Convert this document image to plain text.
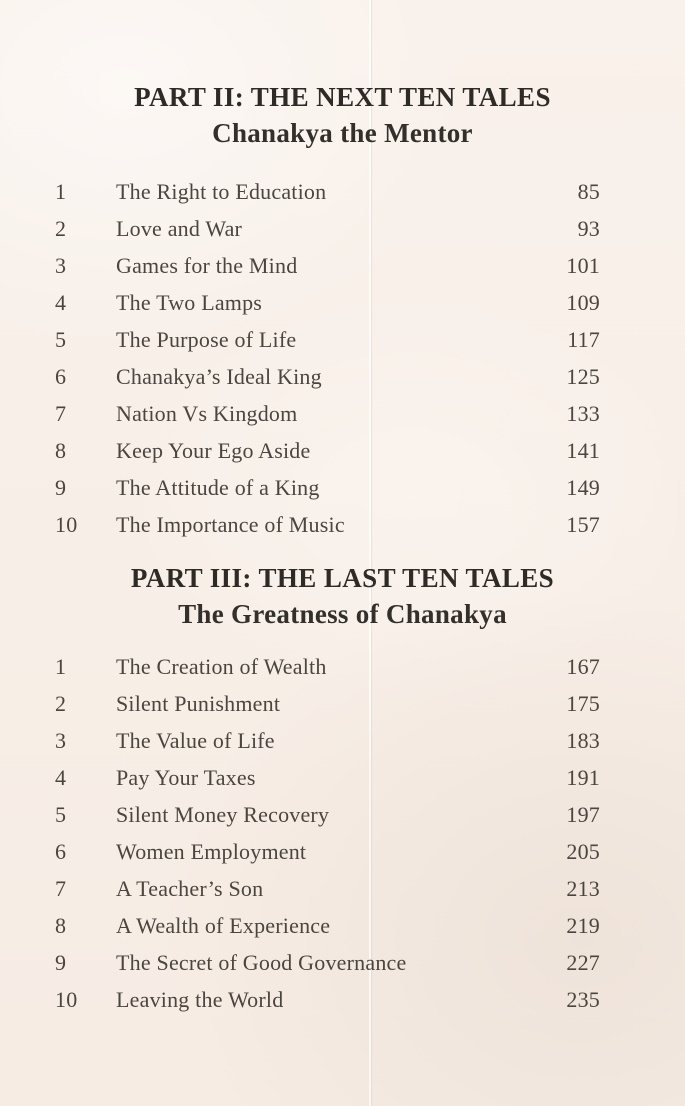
PART II: THE NEXT TEN TALES
Chanakya the Mentor
1	The Right to Education	85
2	Love and War	93
3	Games for the Mind	101
4	The Two Lamps	109
5	The Purpose of Life	117
6	Chanakya’s Ideal King	125
7	Nation Vs Kingdom	133
8	Keep Your Ego Aside	141
9	The Attitude of a King	149
10	The Importance of Music	157
PART III: THE LAST TEN TALES
The Greatness of Chanakya
1	The Creation of Wealth	167
2	Silent Punishment	175
3	The Value of Life	183
4	Pay Your Taxes	191
5	Silent Money Recovery	197
6	Women Employment	205
7	A Teacher’s Son	213
8	A Wealth of Experience	219
9	The Secret of Good Governance	227
10	Leaving the World	235
